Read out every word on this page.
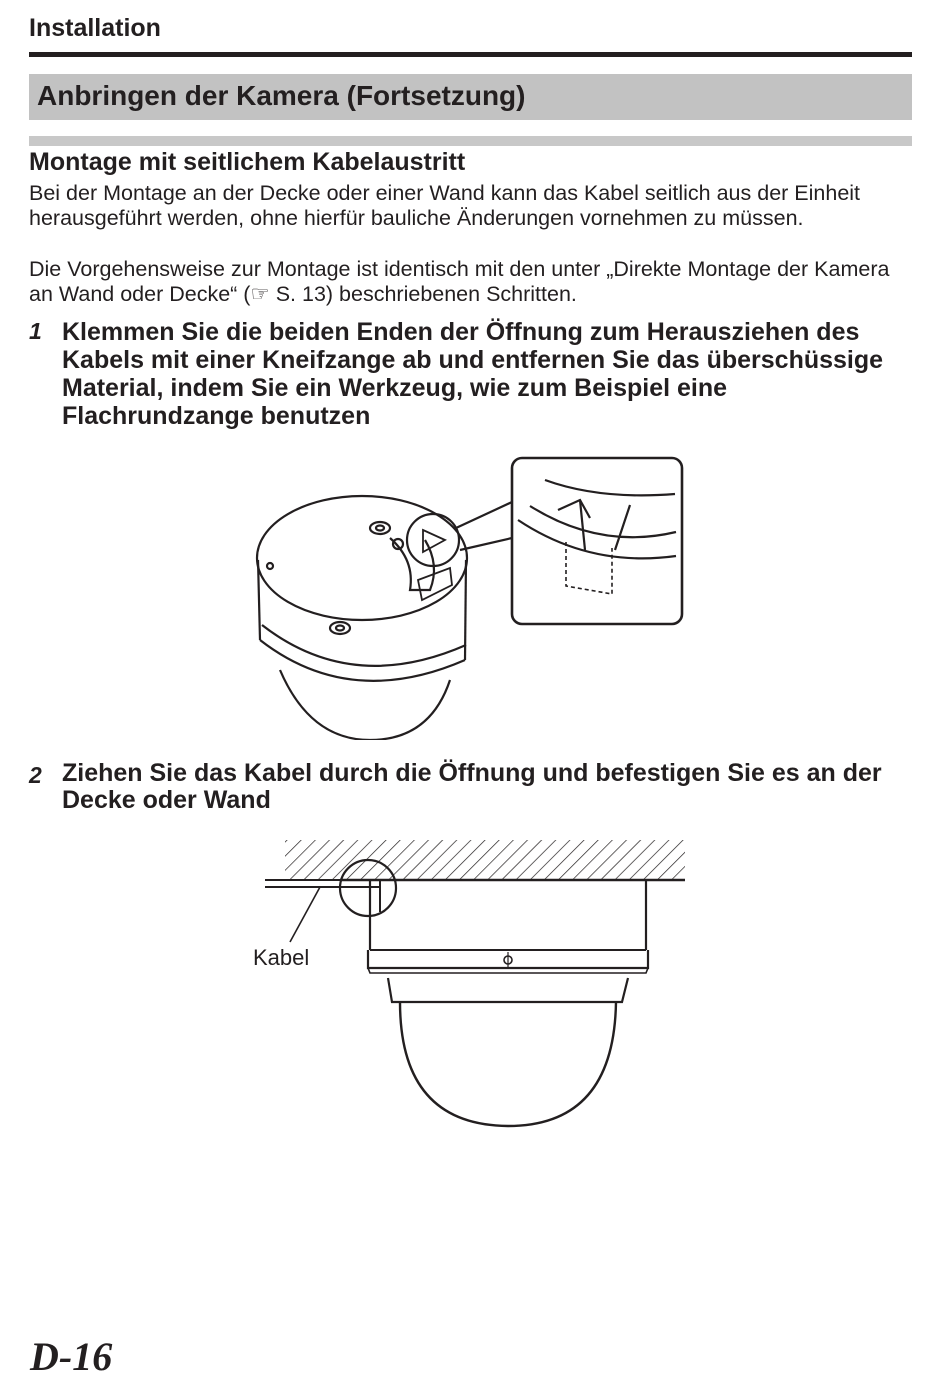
Installation
Anbringen der Kamera (Fortsetzung)
Montage mit seitlichem Kabelaustritt
Bei der Montage an der Decke oder einer Wand kann das Kabel seitlich aus der Einheit herausgeführt werden, ohne hierfür bauliche Änderungen vornehmen zu müssen.
Die Vorgehensweise zur Montage ist identisch mit den unter „Direkte Montage der Kamera an Wand oder Decke“ (☞ S. 13) beschriebenen Schritten.
1 Klemmen Sie die beiden Enden der Öffnung zum Herausziehen des Kabels mit einer Kneifzange ab und entfernen Sie das überschüssige Material, indem Sie ein Werkzeug, wie zum Beispiel eine Flachrundzange benutzen
2 Ziehen Sie das Kabel durch die Öffnung und befestigen Sie es an der Decke oder Wand
Kabel
D-16
